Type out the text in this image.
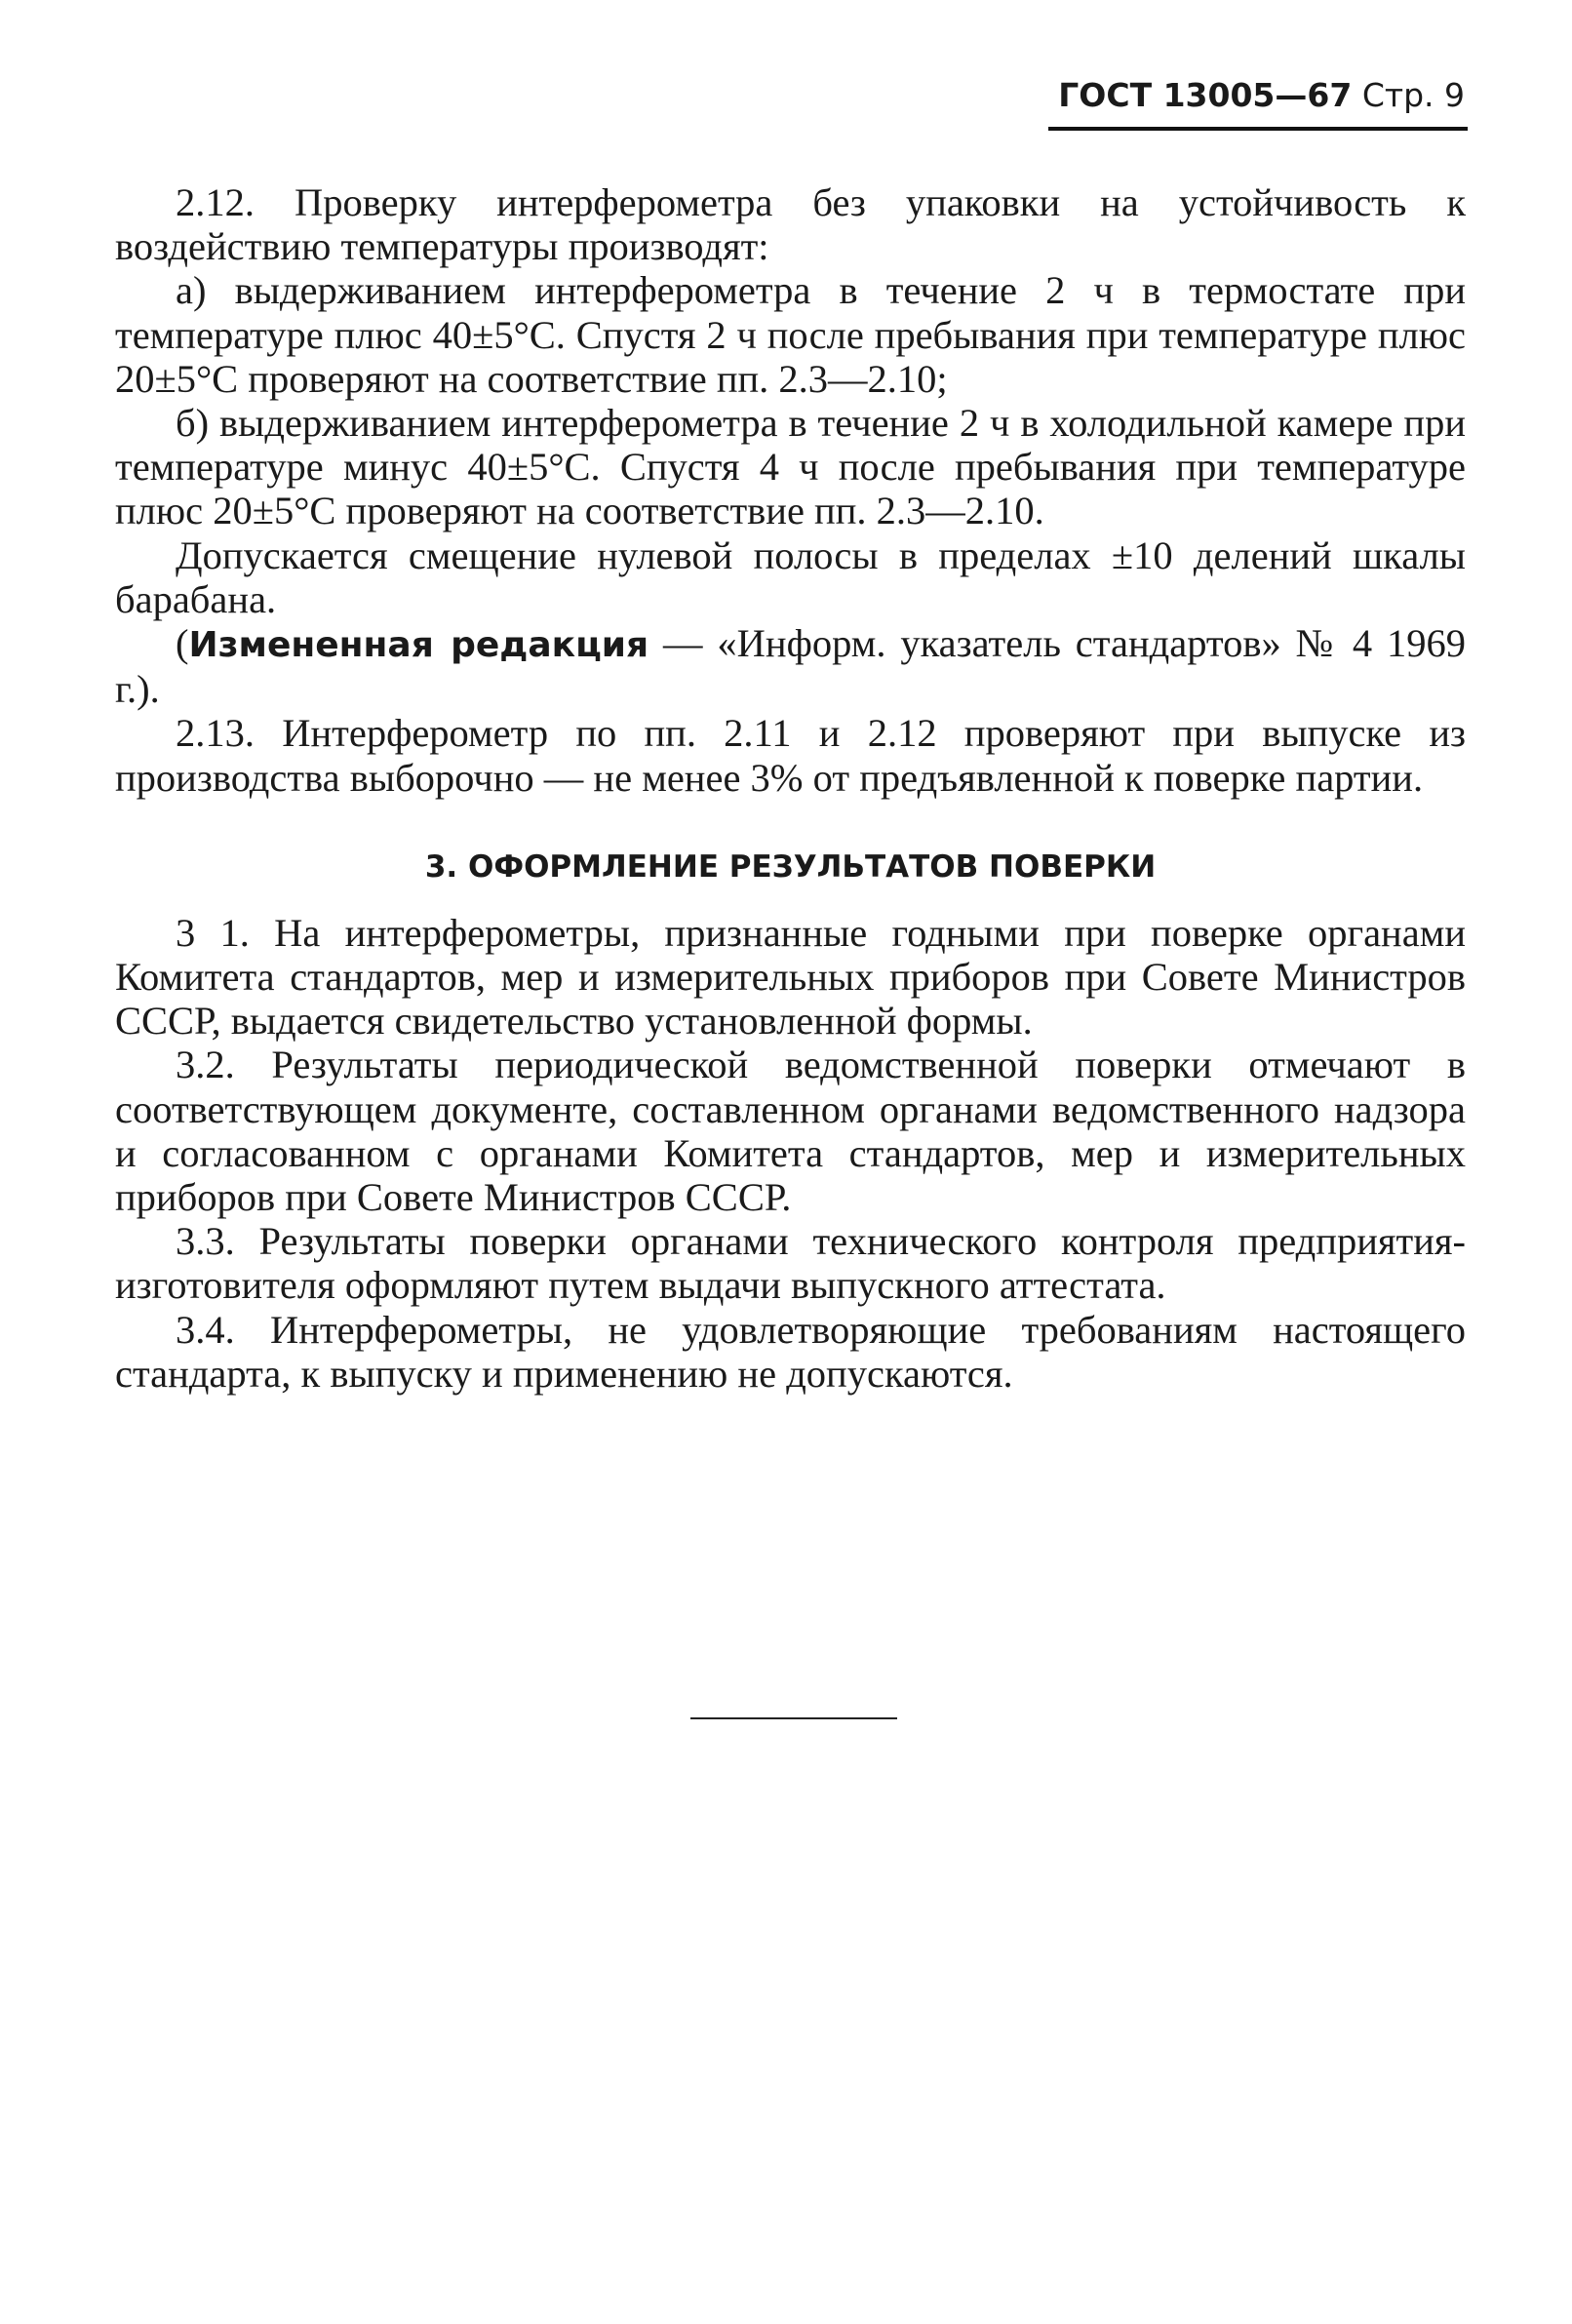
ГОСТ 13005—67 Стр. 9

2.12. Проверку интерферометра без упаковки на устойчивость к воздействию температуры производят:

а) выдерживанием интерферометра в течение 2 ч в термостате при температуре плюс 40±5°С. Спустя 2 ч после пребывания при температуре плюс 20±5°С проверяют на соответствие пп. 2.3—2.10;

б) выдерживанием интерферометра в течение 2 ч в холодильной камере при температуре минус 40±5°С. Спустя 4 ч после пребывания при температуре плюс 20±5°С проверяют на соответствие пп. 2.3—2.10.

Допускается смещение нулевой полосы в пределах ±10 делений шкалы барабана.

(Измененная редакция — «Информ. указатель стандартов» № 4 1969 г.).

2.13. Интерферометр по пп. 2.11 и 2.12 проверяют при выпуске из производства выборочно — не менее 3% от предъявленной к поверке партии.

3. ОФОРМЛЕНИЕ РЕЗУЛЬТАТОВ ПОВЕРКИ

3 1. На интерферометры, признанные годными при поверке органами Комитета стандартов, мер и измерительных приборов при Совете Министров СССР, выдается свидетельство установленной формы.

3.2. Результаты периодической ведомственной поверки отмечают в соответствующем документе, составленном органами ведомственного надзора и согласованном с органами Комитета стандартов, мер и измерительных приборов при Совете Министров СССР.

3.3. Результаты поверки органами технического контроля предприятия-изготовителя оформляют путем выдачи выпускного аттестата.

3.4. Интерферометры, не удовлетворяющие требованиям настоящего стандарта, к выпуску и применению не допускаются.
